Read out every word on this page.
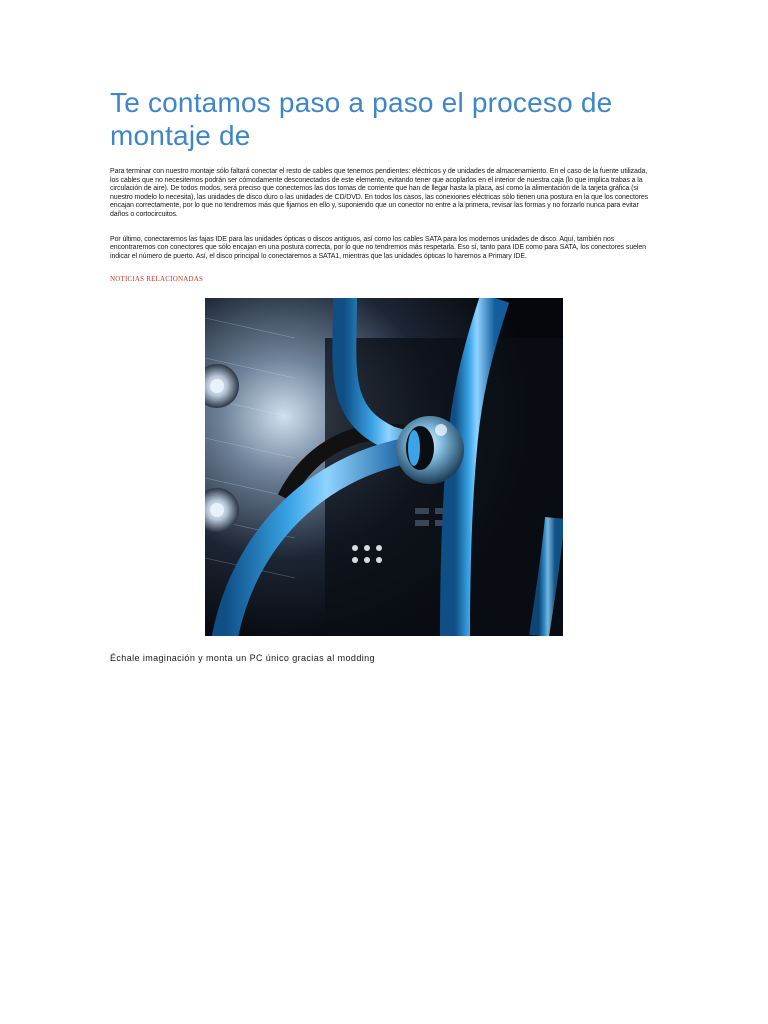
Te contamos paso a paso el proceso de montaje de

Para terminar con nuestro montaje sólo faltará conectar el resto de cables que tenemos pendientes: eléctricos y de unidades de almacenamiento. En el caso de la fuente utilizada, los cables que no necesitemos podrán ser cómodamente desconectados de este elemento, evitando tener que acoplarlos en el interior de nuestra caja (lo que implica trabas a la circulación de aire). De todos modos, será preciso que conectemos las dos tomas de corriente que han de llegar hasta la placa, así como la alimentación de la tarjeta gráfica (si nuestro modelo lo necesita), las unidades de disco duro o las unidades de CD/DVD. En todos los casos, las conexiones eléctricas sólo tienen una postura en la que los conectores encajan correctamente, por lo que no tendremos más que fijarnos en ello y, suponiendo que un conector no entre a la primera, revisar las formas y no forzarlo nunca para evitar daños o cortocircuitos.

Por último, conectaremos las fajas IDE para las unidades ópticas o discos antiguos, así como los cables SATA para los modernos unidades de disco. Aquí, también nos encontraremos con conectores que sólo encajan en una postura correcta, por lo que no tendremos más respetarla. Eso sí, tanto para IDE como para SATA, los conectores suelen indicar el número de puerto. Así, el disco principal lo conectaremos a SATA1, mientras que las unidades ópticas lo haremos a Primary IDE.

NOTICIAS RELACIONADAS

Échale imaginación y monta un PC único gracias al modding
